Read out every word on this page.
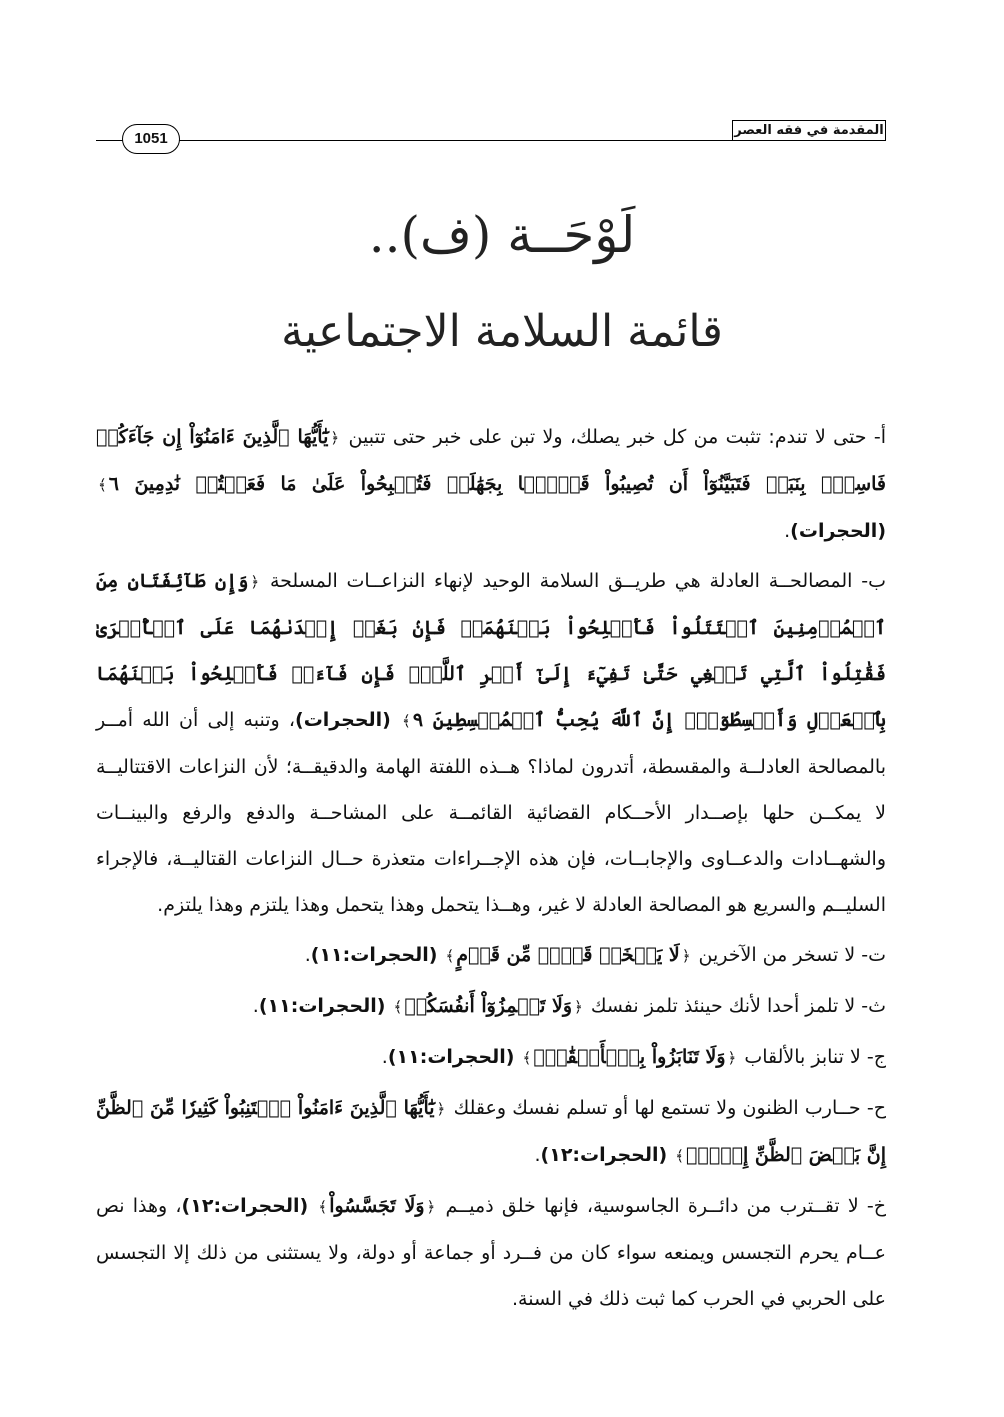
المقدمة في فقه العصر
1051
لَوْحَــة (ف)..
قائمة السلامة الاجتماعية

أ- حتى لا تندم: تثبت من كل خبر يصلك، ولا تبن على خبر حتى تتبين ﴿يَٰٓأَيُّهَا ٱلَّذِينَ ءَامَنُوٓاْ إِن جَآءَكُمۡ فَاسِقُۢ بِنَبَإٖ فَتَبَيَّنُوٓاْ أَن تُصِيبُواْ قَوۡمَۢا بِجَهَٰلَةٖ فَتُصۡبِحُواْ عَلَىٰ مَا فَعَلۡتُمۡ نَٰدِمِينَ ٦﴾ (الحجرات).

ب- المصالحــة العادلة هي طريــق السلامة الوحيد لإنهاء النزاعــات المسلحة ﴿وَإِن طَآئِفَتَانِ مِنَ ٱلۡمُؤۡمِنِينَ ٱقۡتَتَلُواْ فَأَصۡلِحُواْ بَيۡنَهُمَاۖ فَإِنۢ بَغَتۡ إِحۡدَىٰهُمَا عَلَى ٱلۡأُخۡرَىٰ فَقَٰتِلُواْ ٱلَّتِي تَبۡغِي حَتَّىٰ تَفِيٓءَ إِلَىٰٓ أَمۡرِ ٱللَّهِۚ فَإِن فَآءَتۡ فَأَصۡلِحُواْ بَيۡنَهُمَا بِٱلۡعَدۡلِ وَأَقۡسِطُوٓاْۖ إِنَّ ٱللَّهَ يُحِبُّ ٱلۡمُقۡسِطِينَ ٩﴾ (الحجرات)، وتنبه إلى أن الله أمــر بالمصالحة العادلــة والمقسطة، أتدرون لماذا؟ هــذه اللفتة الهامة والدقيقــة؛ لأن النزاعات الاقتتاليــة لا يمكــن حلها بإصــدار الأحــكام القضائية القائمــة على المشاحــة والدفع والرفع والبينــات والشهــادات والدعــاوى والإجابــات، فإن هذه الإجــراءات متعذرة حــال النزاعات القتاليــة، فالإجراء السليــم والسريع هو المصالحة العادلة لا غير، وهــذا يتحمل وهذا يتحمل وهذا يلتزم وهذا يلتزم.

ت- لا تسخر من الآخرين ﴿لَا يَسۡخَرۡ قَوۡمٞ مِّن قَوۡمٍ﴾ (الحجرات:١١).

ث- لا تلمز أحدا لأنك حينئذ تلمز نفسك ﴿وَلَا تَلۡمِزُوٓاْ أَنفُسَكُمۡ﴾ (الحجرات:١١).

ج- لا تنابز بالألقاب ﴿وَلَا تَنَابَزُواْ بِٱلۡأَلۡقَٰبِۖ﴾ (الحجرات:١١).

ح- حــارب الظنون ولا تستمع لها أو تسلم نفسك وعقلك ﴿يَٰٓأَيُّهَا ٱلَّذِينَ ءَامَنُواْ ٱجۡتَنِبُواْ كَثِيرٗا مِّنَ ٱلظَّنِّ إِنَّ بَعۡضَ ٱلظَّنِّ إِثۡمٞۖ﴾ (الحجرات:١٢).

خ- لا تقــترب من دائــرة الجاسوسية، فإنها خلق ذميــم ﴿وَلَا تَجَسَّسُواْ﴾ (الحجرات:١٢)، وهذا نص عــام يحرم التجسس ويمنعه سواء كان من فــرد أو جماعة أو دولة، ولا يستثنى من ذلك إلا التجسس على الحربي في الحرب كما ثبت ذلك في السنة.
